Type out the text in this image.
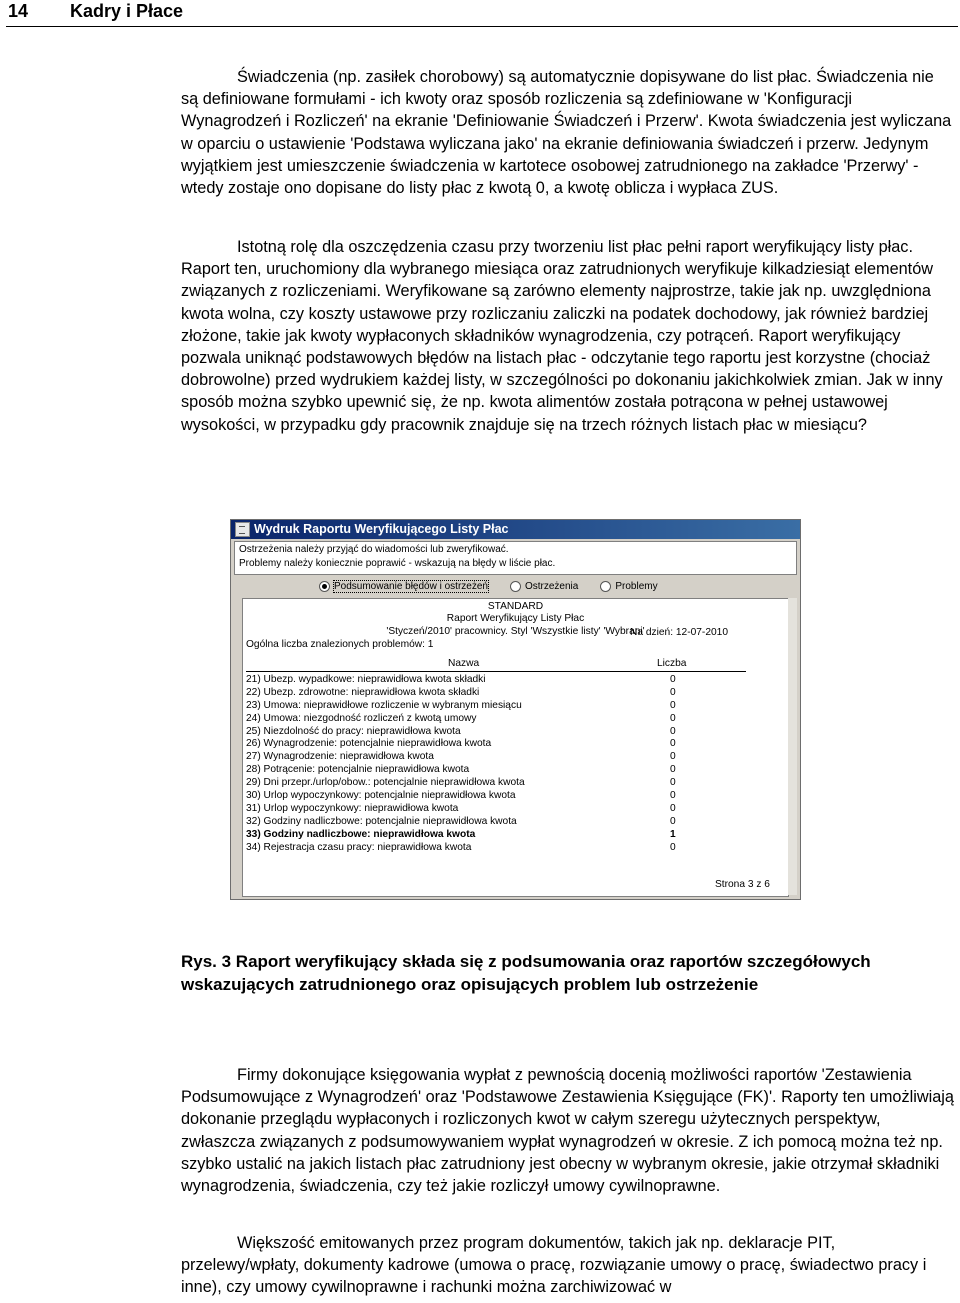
14 Kadry i Płace

Świadczenia (np. zasiłek chorobowy) są automatycznie dopisywane do list płac. Świadczenia nie są definiowane formułami - ich kwoty oraz sposób rozliczenia są zdefiniowane w 'Konfiguracji Wynagrodzeń i Rozliczeń' na ekranie 'Definiowanie Świadczeń i Przerw'. Kwota świadczenia jest wyliczana w oparciu o ustawienie 'Podstawa wyliczana jako' na ekranie definiowania świadczeń i przerw. Jedynym wyjątkiem jest umieszczenie świadczenia w kartotece osobowej zatrudnionego na zakładce 'Przerwy' - wtedy zostaje ono dopisane do listy płac z kwotą 0, a kwotę oblicza i wypłaca ZUS.

Istotną rolę dla oszczędzenia czasu przy tworzeniu list płac pełni raport weryfikujący listy płac. Raport ten, uruchomiony dla wybranego miesiąca oraz zatrudnionych weryfikuje kilkadziesiąt elementów związanych z rozliczeniami. Weryfikowane są zarówno elementy najprostrze, takie jak np. uwzględniona kwota wolna, czy koszty ustawowe przy rozliczaniu zaliczki na podatek dochodowy, jak również bardziej złożone, takie jak kwoty wypłaconych składników wynagrodzenia, czy potrąceń. Raport weryfikujący pozwala uniknąć podstawowych błędów na listach płac - odczytanie tego raportu jest korzystne (chociaż dobrowolne) przed wydrukiem każdej listy, w szczególności po dokonaniu jakichkolwiek zmian. Jak w inny sposób można szybko upewnić się, że np. kwota alimentów została potrącona w pełnej ustawowej wysokości, w przypadku gdy pracownik znajduje się na trzech różnych listach płac w miesiącu?

Wydruk Raportu Weryfikującego Listy Płac
Ostrzeżenia należy przyjąć do wiadomości lub zweryfikować.
Problemy należy koniecznie poprawić - wskazują na błędy w liście płac.
Podsumowanie błędów i ostrzeżeń	Ostrzeżenia	Problemy
STANDARD
Raport Weryfikujący Listy Płac
'Styczeń/2010' pracownicy. Styl 'Wszystkie listy' 'Wybrani'
Na dzień: 12-07-2010
Ogólna liczba znalezionych problemów: 1
Nazwa	Liczba
21) Ubezp. wypadkowe: nieprawidłowa kwota składki	0
22) Ubezp. zdrowotne: nieprawidłowa kwota składki	0
23) Umowa: nieprawidłowe rozliczenie w wybranym miesiącu	0
24) Umowa: niezgodność rozliczeń z kwotą umowy	0
25) Niezdolność do pracy: nieprawidłowa kwota	0
26) Wynagrodzenie: potencjalnie nieprawidłowa kwota	0
27) Wynagrodzenie: nieprawidłowa kwota	0
28) Potrącenie: potencjalnie nieprawidłowa kwota	0
29) Dni przepr./urlop/obow.: potencjalnie nieprawidłowa kwota	0
30) Urlop wypoczynkowy: potencjalnie nieprawidłowa kwota	0
31) Urlop wypoczynkowy: nieprawidłowa kwota	0
32) Godziny nadliczbowe: potencjalnie nieprawidłowa kwota	0
33) Godziny nadliczbowe: nieprawidłowa kwota	1
34) Rejestracja czasu pracy: nieprawidłowa kwota	0
Strona 3 z 6
Rys. 3 Raport weryfikujący składa się z podsumowania oraz raportów szczegółowych wskazujących zatrudnionego oraz opisujących problem lub ostrzeżenie

Firmy dokonujące księgowania wypłat z pewnością docenią możliwości raportów 'Zestawienia Podsumowujące z Wynagrodzeń' oraz 'Podstawowe Zestawienia Księgujące (FK)'. Raporty ten umożliwiają dokonanie przeglądu wypłaconych i rozliczonych kwot w całym szeregu użytecznych perspektyw, zwłaszcza związanych z podsumowywaniem wypłat wynagrodzeń w okresie. Z ich pomocą można też np. szybko ustalić na jakich listach płac zatrudniony jest obecny w wybranym okresie, jakie otrzymał składniki wynagrodzenia, świadczenia, czy też jakie rozliczył umowy cywilnoprawne.

Większość emitowanych przez program dokumentów, takich jak np. deklaracje PIT, przelewy/wpłaty, dokumenty kadrowe (umowa o pracę, rozwiązanie umowy o pracę, świadectwo pracy i inne), czy umowy cywilnoprawne i rachunki można zarchiwizować w
